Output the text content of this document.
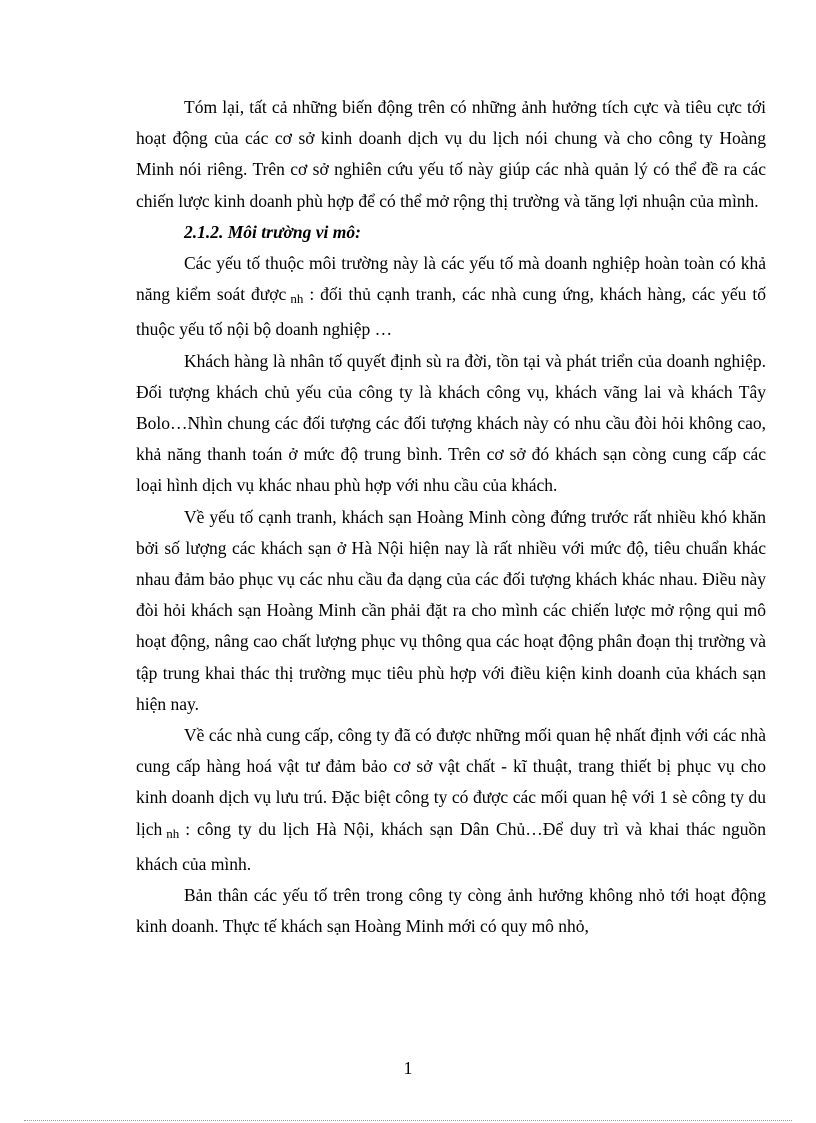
Tóm lại, tất cả những biến động trên có những ảnh hưởng tích cực và tiêu cực tới hoạt động của các cơ sở kinh doanh dịch vụ du lịch nói chung và cho công ty Hoàng Minh nói riêng. Trên cơ sở nghiên cứu yếu tố này giúp các nhà quản lý có thể đề ra các chiến lược kinh doanh phù hợp để có thể mở rộng thị trường và tăng lợi nhuận của mình.

2.1.2. Môi trường vi mô:

Các yếu tố thuộc môi trường này là các yếu tố mà doanh nghiệp hoàn toàn có khả năng kiểm soát được nh : đối thủ cạnh tranh, các nhà cung ứng, khách hàng, các yếu tố thuộc yếu tố nội bộ doanh nghiệp …

Khách hàng là nhân tố quyết định sù ra đời, tồn tại và phát triển của doanh nghiệp. Đối tượng khách chủ yếu của công ty là khách công vụ, khách vãng lai và khách Tây Bolo…Nhìn chung các đối tượng các đối tượng khách này có nhu cầu đòi hỏi không cao, khả năng thanh toán ở mức độ trung bình. Trên cơ sở đó khách sạn còng cung cấp các loại hình dịch vụ khác nhau phù hợp với nhu cầu của khách.

Về yếu tố cạnh tranh, khách sạn Hoàng Minh còng đứng trước rất nhiều khó khăn bởi số lượng các khách sạn ở Hà Nội hiện nay là rất nhiều với mức độ, tiêu chuẩn khác nhau đảm bảo phục vụ các nhu cầu đa dạng của các đối tượng khách khác nhau. Điều này đòi hỏi khách sạn Hoàng Minh cần phải đặt ra cho mình các chiến lược mở rộng qui mô hoạt động, nâng cao chất lượng phục vụ thông qua các hoạt động phân đoạn thị trường và tập trung khai thác thị trường mục tiêu phù hợp với điều kiện kinh doanh của khách sạn hiện nay.

Về các nhà cung cấp, công ty đã có được những mối quan hệ nhất định với các nhà cung cấp hàng hoá vật tư đảm bảo cơ sở vật chất - kĩ thuật, trang thiết bị phục vụ cho kinh doanh dịch vụ lưu trú. Đặc biệt công ty có được các mối quan hệ với 1 sè công ty du lịch nh : công ty du lịch Hà Nội, khách sạn Dân Chủ…Để duy trì và khai thác nguồn khách của mình.

Bản thân các yếu tố trên trong công ty còng ảnh hưởng không nhỏ tới hoạt động kinh doanh. Thực tế khách sạn Hoàng Minh mới có quy mô nhỏ,

1
